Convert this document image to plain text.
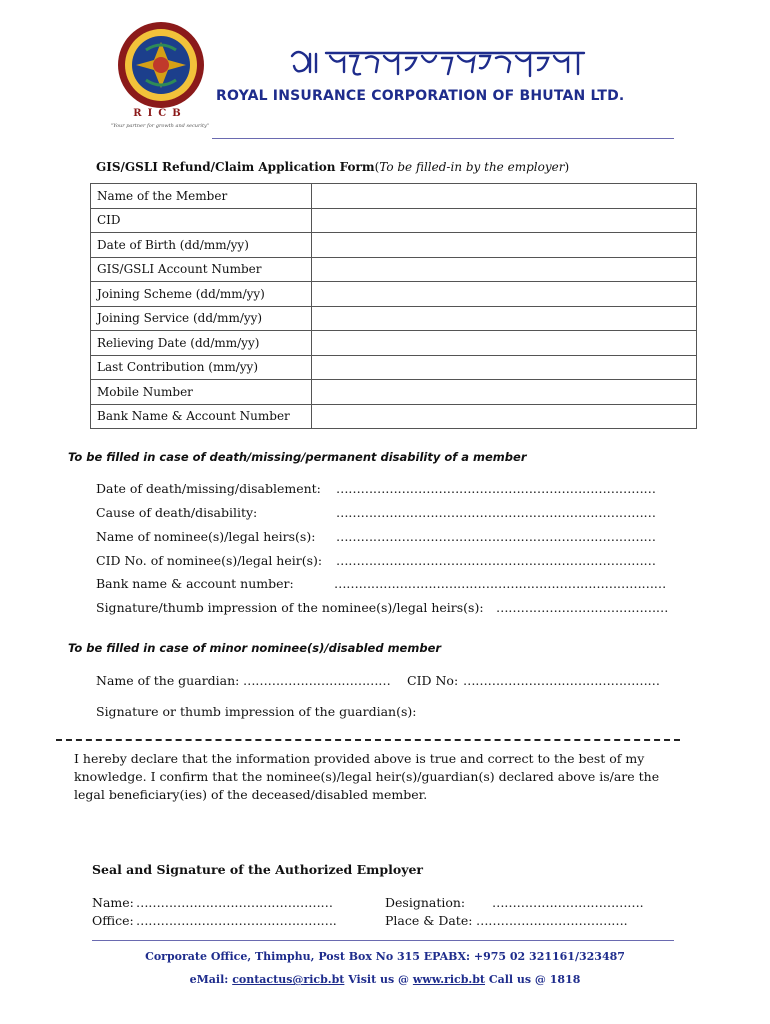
RICB
"Your partner for growth and security"
འབྲུག་རྒྱལ་ཞིན་སྲུང་ལས་འཛིན་ཚད།
ROYAL INSURANCE CORPORATION OF BHUTAN LTD.
GIS/GSLI Refund/Claim Application Form(To be filled-in by the employer)
Name of the Member	
CID	
Date of Birth (dd/mm/yy)	
GIS/GSLI Account Number	
Joining Scheme (dd/mm/yy)	
Joining Service (dd/mm/yy)	
Relieving Date (dd/mm/yy)	
Last Contribution (mm/yy)	
Mobile Number	
Bank Name & Account Number	
To be filled in case of death/missing/permanent disability of a member
Date of death/missing/disablement: ……………………………………………………………………
Cause of death/disability:	……………………………………………………………………
Name of nominee(s)/legal heirs(s): ……………………………………………………………………
CID No. of nominee(s)/legal heir(s): ……………………………………………………………………
Bank name & account number:	………………………………………………………………………
Signature/thumb impression of the nominee(s)/legal heirs(s): ……………………………………
To be filled in case of minor nominee(s)/disabled member
Name of the guardian: ………………………………	CID No: …………………………………………
Signature or thumb impression of the guardian(s):
I hereby declare that the information provided above is true and correct to the best of my knowledge. I confirm that the nominee(s)/legal heir(s)/guardian(s) declared above is/are the legal beneficiary(ies) of the deceased/disabled member.
Seal and Signature of the Authorized Employer
Name: …………………………………………	Designation: ……………………………….
Office: ………………………………………….	Place & Date: ……………………………….
Corporate Office, Thimphu, Post Box No 315 EPABX: +975 02 321161/323487
eMail: contactus@ricb.bt Visit us @ www.ricb.bt Call us @ 1818
